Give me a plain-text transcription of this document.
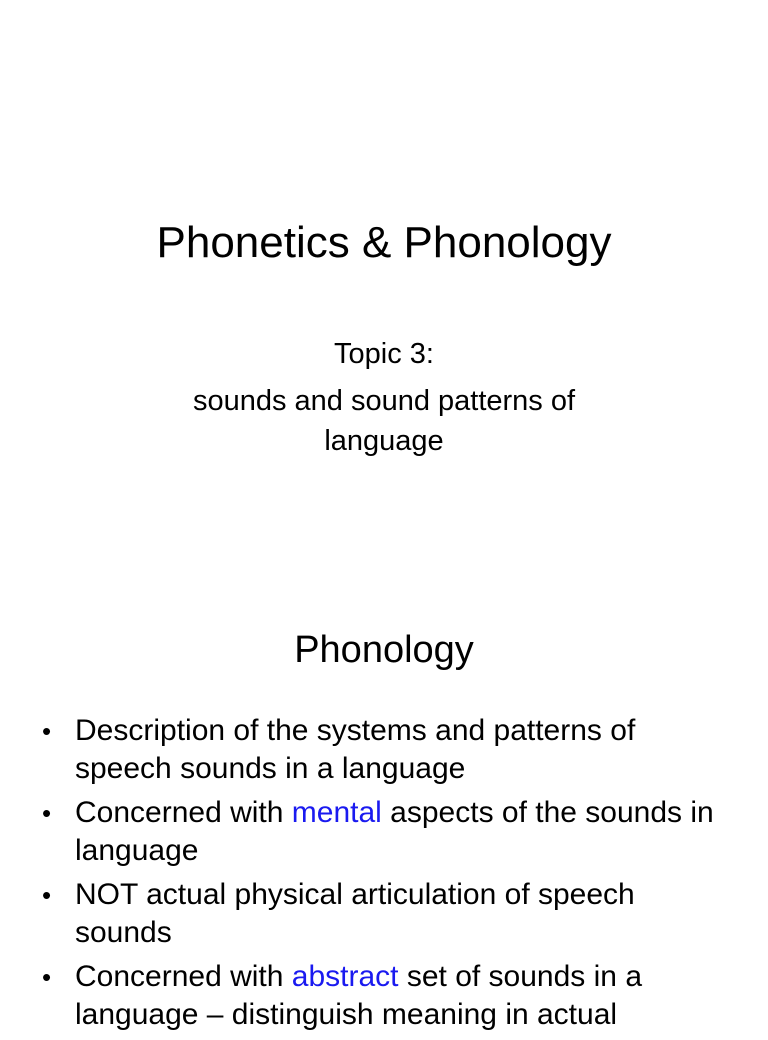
Phonetics & Phonology

Topic 3:

sounds and sound patterns of language

Phonology
• Description of the systems and patterns of speech sounds in a language
• Concerned with mental aspects of the sounds in language
• NOT actual physical articulation of speech sounds
• Concerned with abstract set of sounds in a language – distinguish meaning in actual
